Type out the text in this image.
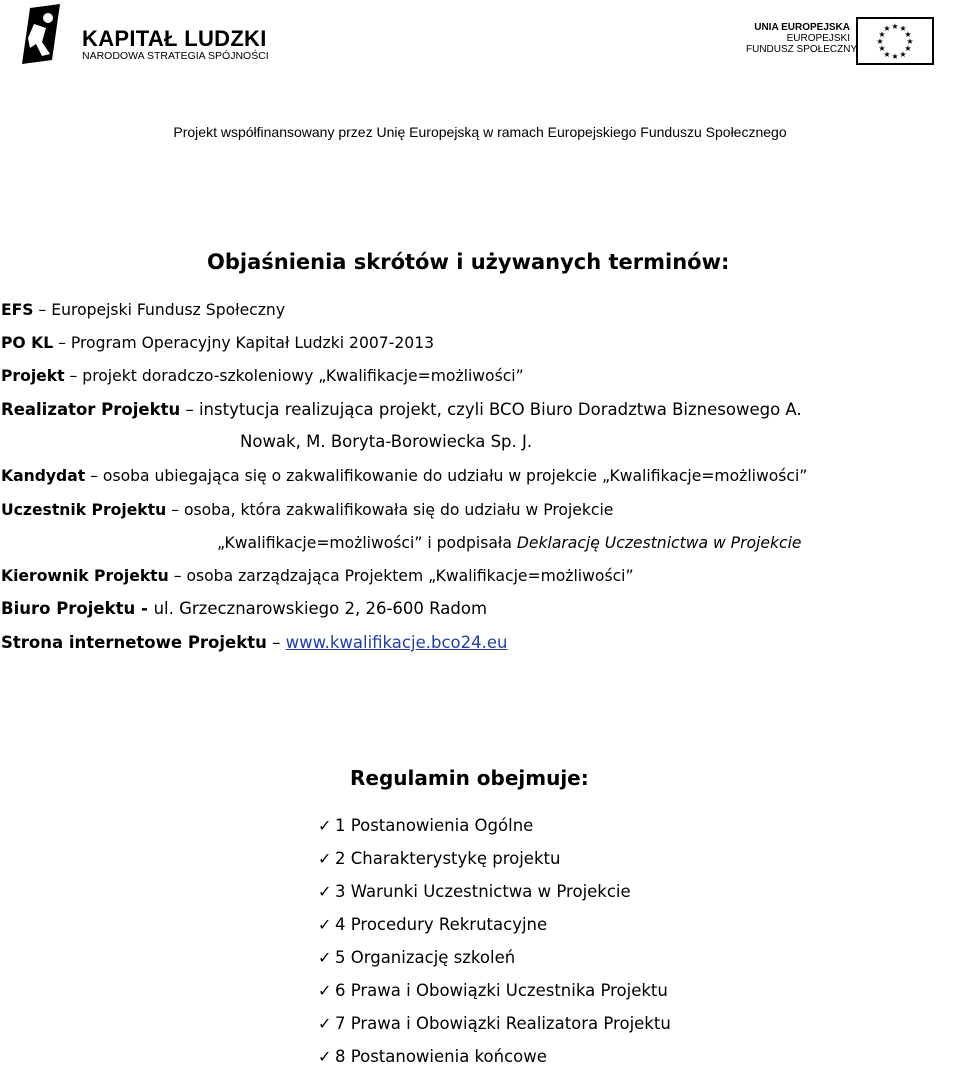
KAPITAŁ LUDZKI
NARODOWA STRATEGIA SPÓJNOŚCI
UNIA EUROPEJSKA
EUROPEJSKI
FUNDUSZ SPOŁECZNY
★ ★
★
★
★
★
★
★
★
★
★
★
Projekt współfinansowany przez Unię Europejską w ramach Europejskiego Funduszu Społecznego
Objaśnienia skrótów i używanych terminów:
EFS – Europejski Fundusz Społeczny
PO KL – Program Operacyjny Kapitał Ludzki 2007-2013
Projekt – projekt doradczo-szkoleniowy „Kwalifikacje=możliwości”
Realizator Projektu – instytucja realizująca projekt, czyli BCO Biuro Doradztwa Biznesowego A.
Nowak, M. Boryta-Borowiecka Sp. J.
Kandydat – osoba ubiegająca się o zakwalifikowanie do udziału w projekcie „Kwalifikacje=możliwości”
Uczestnik Projektu – osoba, która zakwalifikowała się do udziału w Projekcie
„Kwalifikacje=możliwości” i podpisała Deklarację Uczestnictwa w Projekcie
Kierownik Projektu – osoba zarządzająca Projektem „Kwalifikacje=możliwości”
Biuro Projektu - ul. Grzecznarowskiego 2, 26-600 Radom
Strona internetowe Projektu – www.kwalifikacje.bco24.eu
Regulamin obejmuje:
✓ 1 Postanowienia Ogólne
✓ 2 Charakterystykę projektu
✓ 3 Warunki Uczestnictwa w Projekcie
✓ 4 Procedury Rekrutacyjne
✓ 5 Organizację szkoleń
✓ 6 Prawa i Obowiązki Uczestnika Projektu
✓ 7 Prawa i Obowiązki Realizatora Projektu
✓ 8 Postanowienia końcowe
